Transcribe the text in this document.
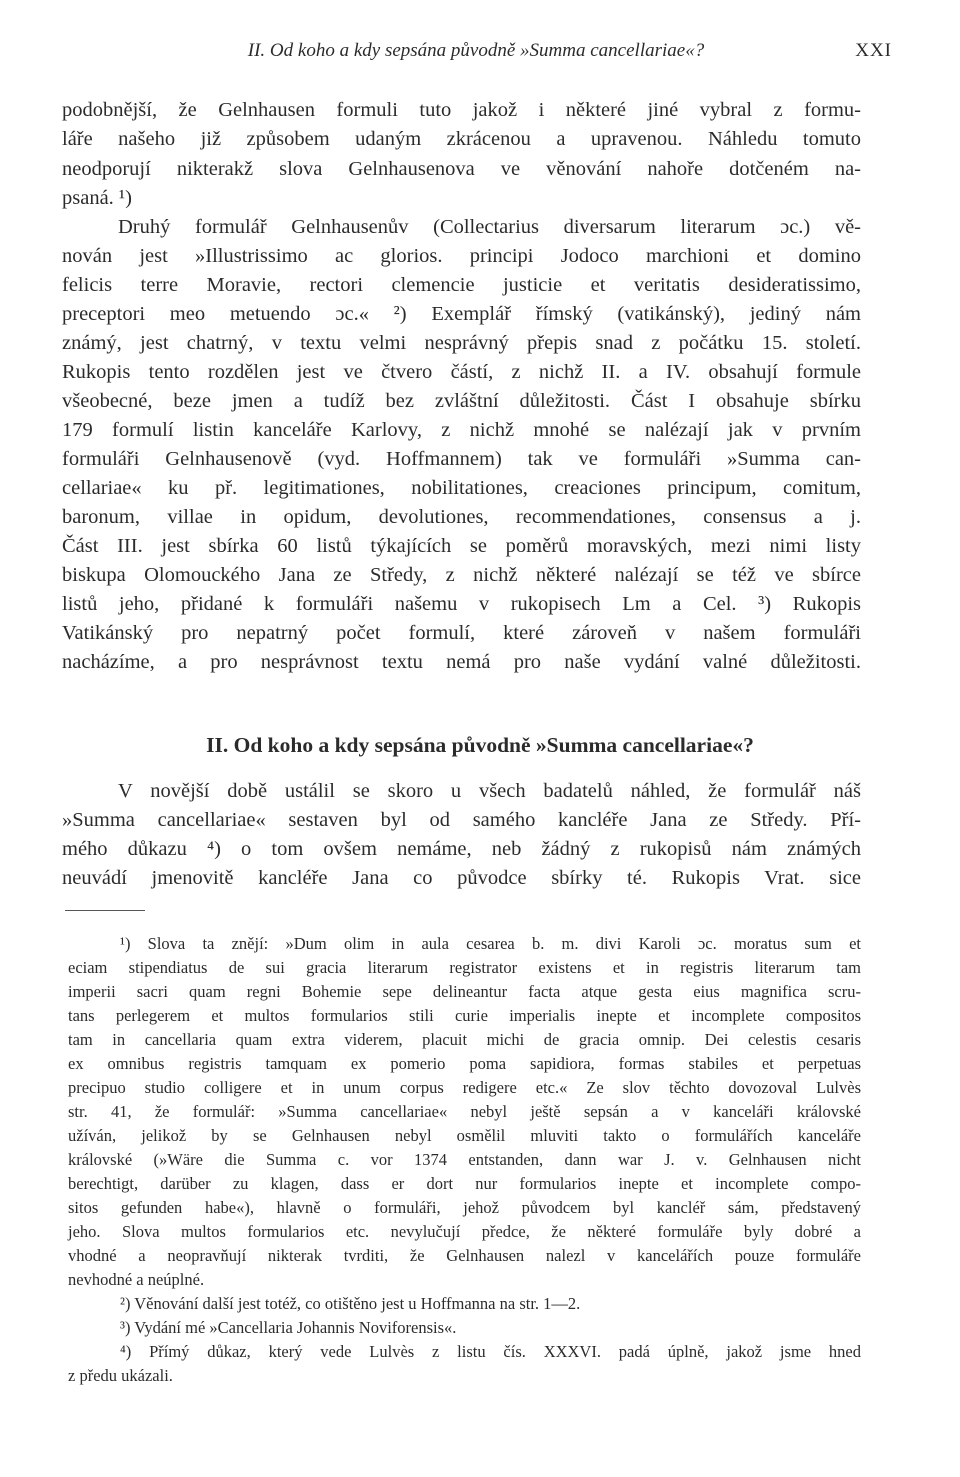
II. Od koho a kdy sepsána původně »Summa cancellariae«?	XXI
podobnější, že Gelnhausen formuli tuto jakož i některé jiné vybral z formu-
láře našeho již způsobem udaným zkrácenou a upravenou. Náhledu tomuto
neodporují nikterakž slova Gelnhausenova ve věnování nahoře dotčeném na-
psaná. ¹)
Druhý formulář Gelnhausenův (Collectarius diversarum literarum ɔc.) vě-
nován jest »Illustrissimo ac glorios. principi Jodoco marchioni et domino
felicis terre Moravie, rectori clemencie justicie et veritatis desideratissimo,
preceptori meo metuendo ɔc.« ²) Exemplář římský (vatikánský), jediný nám
známý, jest chatrný, v textu velmi nesprávný přepis snad z počátku 15. století.
Rukopis tento rozdělen jest ve čtvero částí, z nichž II. a IV. obsahují formule
všeobecné, beze jmen a tudíž bez zvláštní důležitosti. Část I obsahuje sbírku
179 formulí listin kanceláře Karlovy, z nichž mnohé se nalézají jak v prvním
formuláři Gelnhausenově (vyd. Hoffmannem) tak ve formuláři »Summa can-
cellariae« ku př. legitimationes, nobilitationes, creaciones principum, comitum,
baronum, villae in opidum, devolutiones, recommendationes, consensus a j.
Část III. jest sbírka 60 listů týkajících se poměrů moravských, mezi nimi listy
biskupa Olomouckého Jana ze Středy, z nichž některé nalézají se též ve sbírce
listů jeho, přidané k formuláři našemu v rukopisech Lm a Cel. ³) Rukopis
Vatikánský pro nepatrný počet formulí, které zároveň v našem formuláři
nacházíme, a pro nesprávnost textu nemá pro naše vydání valné důležitosti.
II. Od koho a kdy sepsána původně »Summa cancellariae«?
V novější době ustálil se skoro u všech badatelů náhled, že formulář náš
»Summa cancellariae« sestaven byl od samého kancléře Jana ze Středy. Pří-
mého důkazu ⁴) o tom ovšem nemáme, neb žádný z rukopisů nám známých
neuvádí jmenovitě kancléře Jana co původce sbírky té. Rukopis Vrat. sice
¹) Slova ta znějí: »Dum olim in aula cesarea b. m. divi Karoli ɔc. moratus sum et
eciam stipendiatus de sui gracia literarum registrator existens et in registris literarum tam
imperii sacri quam regni Bohemie sepe delineantur facta atque gesta eius magnifica scru-
tans perlegerem et multos formularios stili curie imperialis inepte et incomplete compositos
tam in cancellaria quam extra viderem, placuit michi de gracia omnip. Dei celestis cesaris
ex omnibus registris tamquam ex pomerio poma sapidiora, formas stabiles et perpetuas
precipuo studio colligere et in unum corpus redigere etc.« Ze slov těchto dovozoval Lulvès
str. 41, že formulář: »Summa cancellariae« nebyl ještě sepsán a v kanceláři královské
užíván, jelikož by se Gelnhausen nebyl osmělil mluviti takto o formulářích kanceláře
královské (»Wäre die Summa c. vor 1374 entstanden, dann war J. v. Gelnhausen nicht
berechtigt, darüber zu klagen, dass er dort nur formularios inepte et incomplete compo-
sitos gefunden habe«), hlavně o formuláři, jehož původcem byl kancléř sám, představený
jeho. Slova multos formularios etc. nevylučují předce, že některé formuláře byly dobré a
vhodné a neopravňují nikterak tvrditi, že Gelnhausen nalezl v kancelářích pouze formuláře
nevhodné a neúplné.
²) Věnování další jest totéž, co otištěno jest u Hoffmanna na str. 1—2.
³) Vydání mé »Cancellaria Johannis Noviforensis«.
⁴) Přímý důkaz, který vede Lulvès z listu čís. XXXVI. padá úplně, jakož jsme hned
z předu ukázali.
